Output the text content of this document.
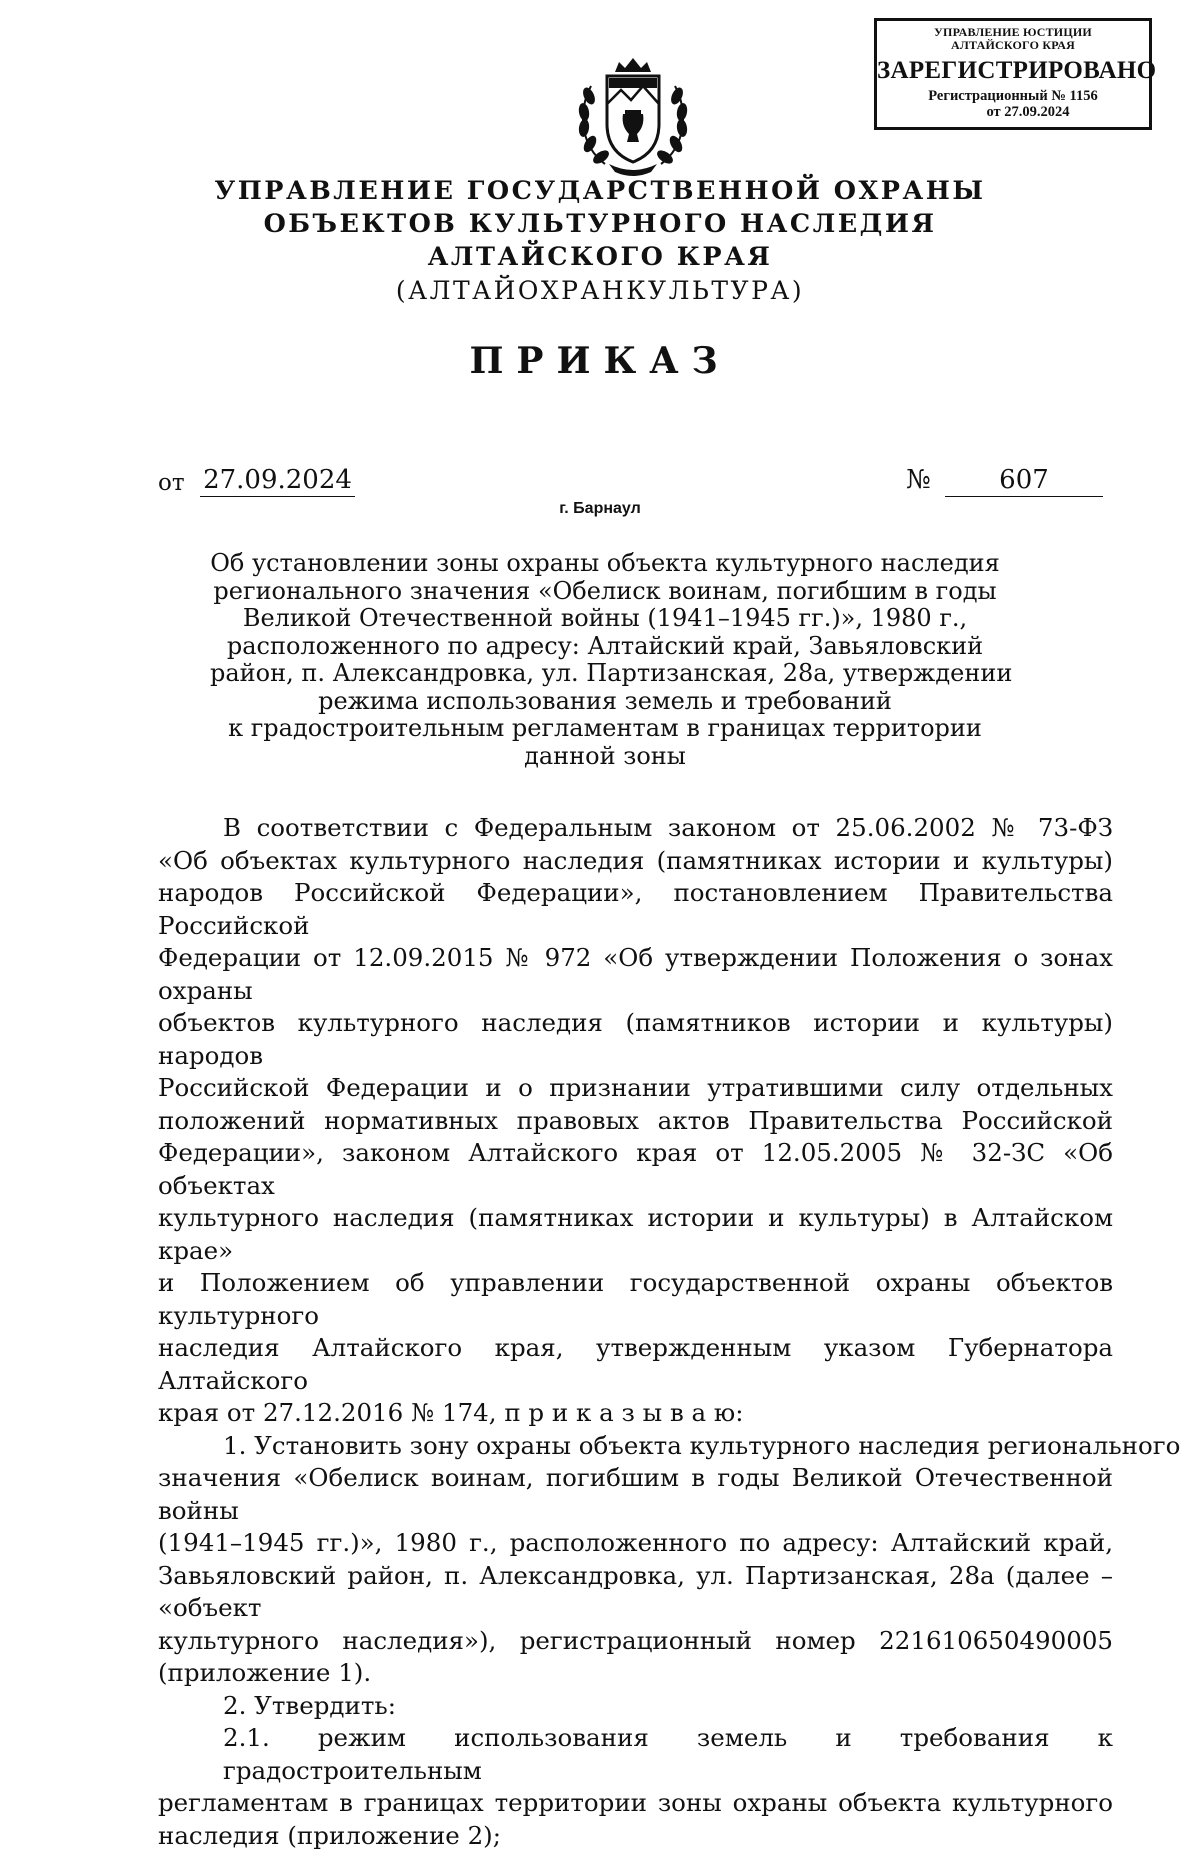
УПРАВЛЕНИЕ ЮСТИЦИИ
АЛТАЙСКОГО КРАЯ
ЗАРЕГИСТРИРОВАНО
Регистрационный № 1156
от 27.09.2024
УПРАВЛЕНИЕ ГОСУДАРСТВЕННОЙ ОХРАНЫ
ОБЪЕКТОВ КУЛЬТУРНОГО НАСЛЕДИЯ
АЛТАЙСКОГО КРАЯ
(АЛТАЙОХРАНКУЛЬТУРА)
ПРИКАЗ
от 27.09.2024	№	607
г. Барнаул
Об установлении зоны охраны объекта культурного наследия
регионального значения «Обелиск воинам, погибшим в годы
Великой Отечественной войны (1941–1945 гг.)», 1980 г.,
расположенного по адресу: Алтайский край, Завьяловский
район, п. Александровка, ул. Партизанская, 28а, утверждении
режима использования земель и требований
к градостроительным регламентам в границах территории
данной зоны
В соответствии с Федеральным законом от 25.06.2002 № 73-ФЗ
«Об объектах культурного наследия (памятниках истории и культуры)
народов Российской Федерации», постановлением Правительства Российской
Федерации от 12.09.2015 № 972 «Об утверждении Положения о зонах охраны
объектов культурного наследия (памятников истории и культуры) народов
Российской Федерации и о признании утратившими силу отдельных
положений нормативных правовых актов Правительства Российской
Федерации», законом Алтайского края от 12.05.2005 № 32-ЗС «Об объектах
культурного наследия (памятниках истории и культуры) в Алтайском крае»
и Положением об управлении государственной охраны объектов культурного
наследия Алтайского края, утвержденным указом Губернатора Алтайского
края от 27.12.2016 № 174, п р и к а з ы в а ю:
1. Установить зону охраны объекта культурного наследия регионального
значения «Обелиск воинам, погибшим в годы Великой Отечественной войны
(1941–1945 гг.)», 1980 г., расположенного по адресу: Алтайский край,
Завьяловский район, п. Александровка, ул. Партизанская, 28а (далее – «объект
культурного наследия»), регистрационный номер 221610650490005
(приложение 1).
2. Утвердить:
2.1. режим использования земель и требования к градостроительным
регламентам в границах территории зоны охраны объекта культурного
наследия (приложение 2);
